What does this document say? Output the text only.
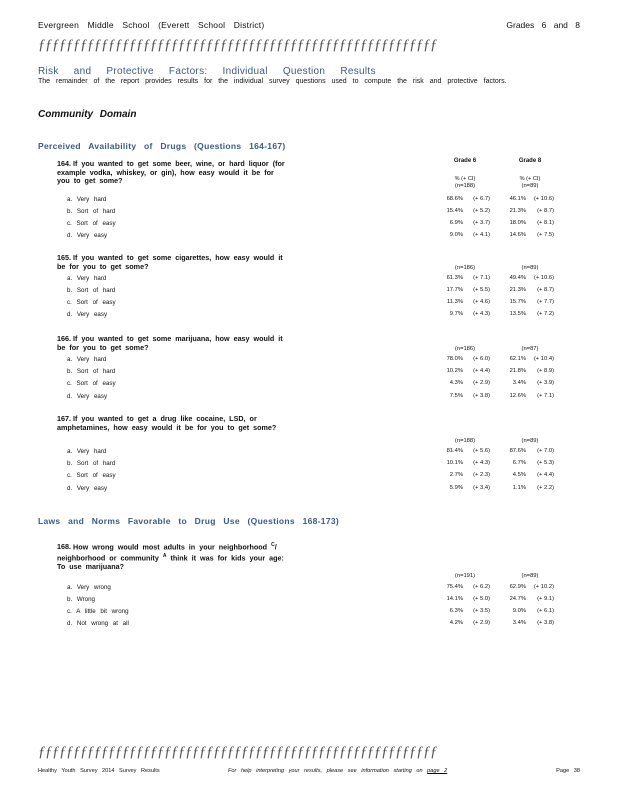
Evergreen Middle School (Everett School District)	Grades 6 and 8
ƒƒƒƒƒƒƒƒƒƒƒƒƒƒƒƒƒƒƒƒƒƒƒƒƒƒƒƒƒƒƒƒƒƒƒƒƒƒƒƒƒƒƒƒƒƒƒƒƒƒƒƒƒƒƒƒƒ
Risk and Protective Factors: Individual Question Results
The remainder of the report provides results for the individual survey questions used to compute the risk and protective factors.
Community Domain
Perceived Availability of Drugs (Questions 164-167)
Grade 6	Grade 8
% (+ CI)	% (+ CI)
164. If you wanted to get some beer, wine, or hard liquor (for example vodka, whiskey, or gin), how easy would it be for you to get some?
(n=188)	(n=89)
a. Very hard	68.6%	(+ 6.7)	46.1%	(+ 10.6)
b. Sort of hard	15.4%	(+ 5.2)	21.3%	(+ 8.7)
c. Sort of easy	6.9%	(+ 3.7)	18.0%	(+ 8.1)
d. Very easy	9.0%	(+ 4.1)	14.6%	(+ 7.5)
165. If you wanted to get some cigarettes, how easy would it be for you to get some?	(n=186)	(n=89)
a. Very hard	61.3%	(+ 7.1)	49.4%	(+ 10.6)
b. Sort of hard	17.7%	(+ 5.5)	21.3%	(+ 8.7)
c. Sort of easy	11.3%	(+ 4.6)	15.7%	(+ 7.7)
d. Very easy	9.7%	(+ 4.3)	13.5%	(+ 7.2)
166. If you wanted to get some marijuana, how easy would it be for you to get some?	(n=186)	(n=87)
a. Very hard	78.0%	(+ 6.0)	62.1%	(+ 10.4)
b. Sort of hard	10.2%	(+ 4.4)	21.8%	(+ 8.9)
c. Sort of easy	4.3%	(+ 2.9)	3.4%	(+ 3.9)
d. Very easy	7.5%	(+ 3.8)	12.6%	(+ 7.1)
167. If you wanted to get a drug like cocaine, LSD, or amphetamines, how easy would it be for you to get some?
(n=188)	(n=89)
a. Very hard	81.4%	(+ 5.6)	87.6%	(+ 7.0)
b. Sort of hard	10.1%	(+ 4.3)	6.7%	(+ 5.3)
c. Sort of easy	2.7%	(+ 2.3)	4.5%	(+ 4.4)
d. Very easy	5.9%	(+ 3.4)	1.1%	(+ 2.2)
Laws and Norms Favorable to Drug Use (Questions 168-173)
168. How wrong would most adults in your neighborhood $^C$/ neighborhood or community $^A$ think it was for kids your age: To use marijuana?
(n=191)	(n=89)
a. Very wrong	75.4%	(+ 6.2)	62.9%	(+ 10.2)
b. Wrong	14.1%	(+ 5.0)	24.7%	(+ 9.1)
c. A little bit wrong	6.3%	(+ 3.5)	9.0%	(+ 6.1)
d. Not wrong at all	4.2%	(+ 2.9)	3.4%	(+ 3.8)
ƒƒƒƒƒƒƒƒƒƒƒƒƒƒƒƒƒƒƒƒƒƒƒƒƒƒƒƒƒƒƒƒƒƒƒƒƒƒƒƒƒƒƒƒƒƒƒƒƒƒƒƒƒƒƒƒƒ
Healthy Youth Survey 2014 Survey Results	For help interpreting your results, please see information starting on page 2	Page 38
